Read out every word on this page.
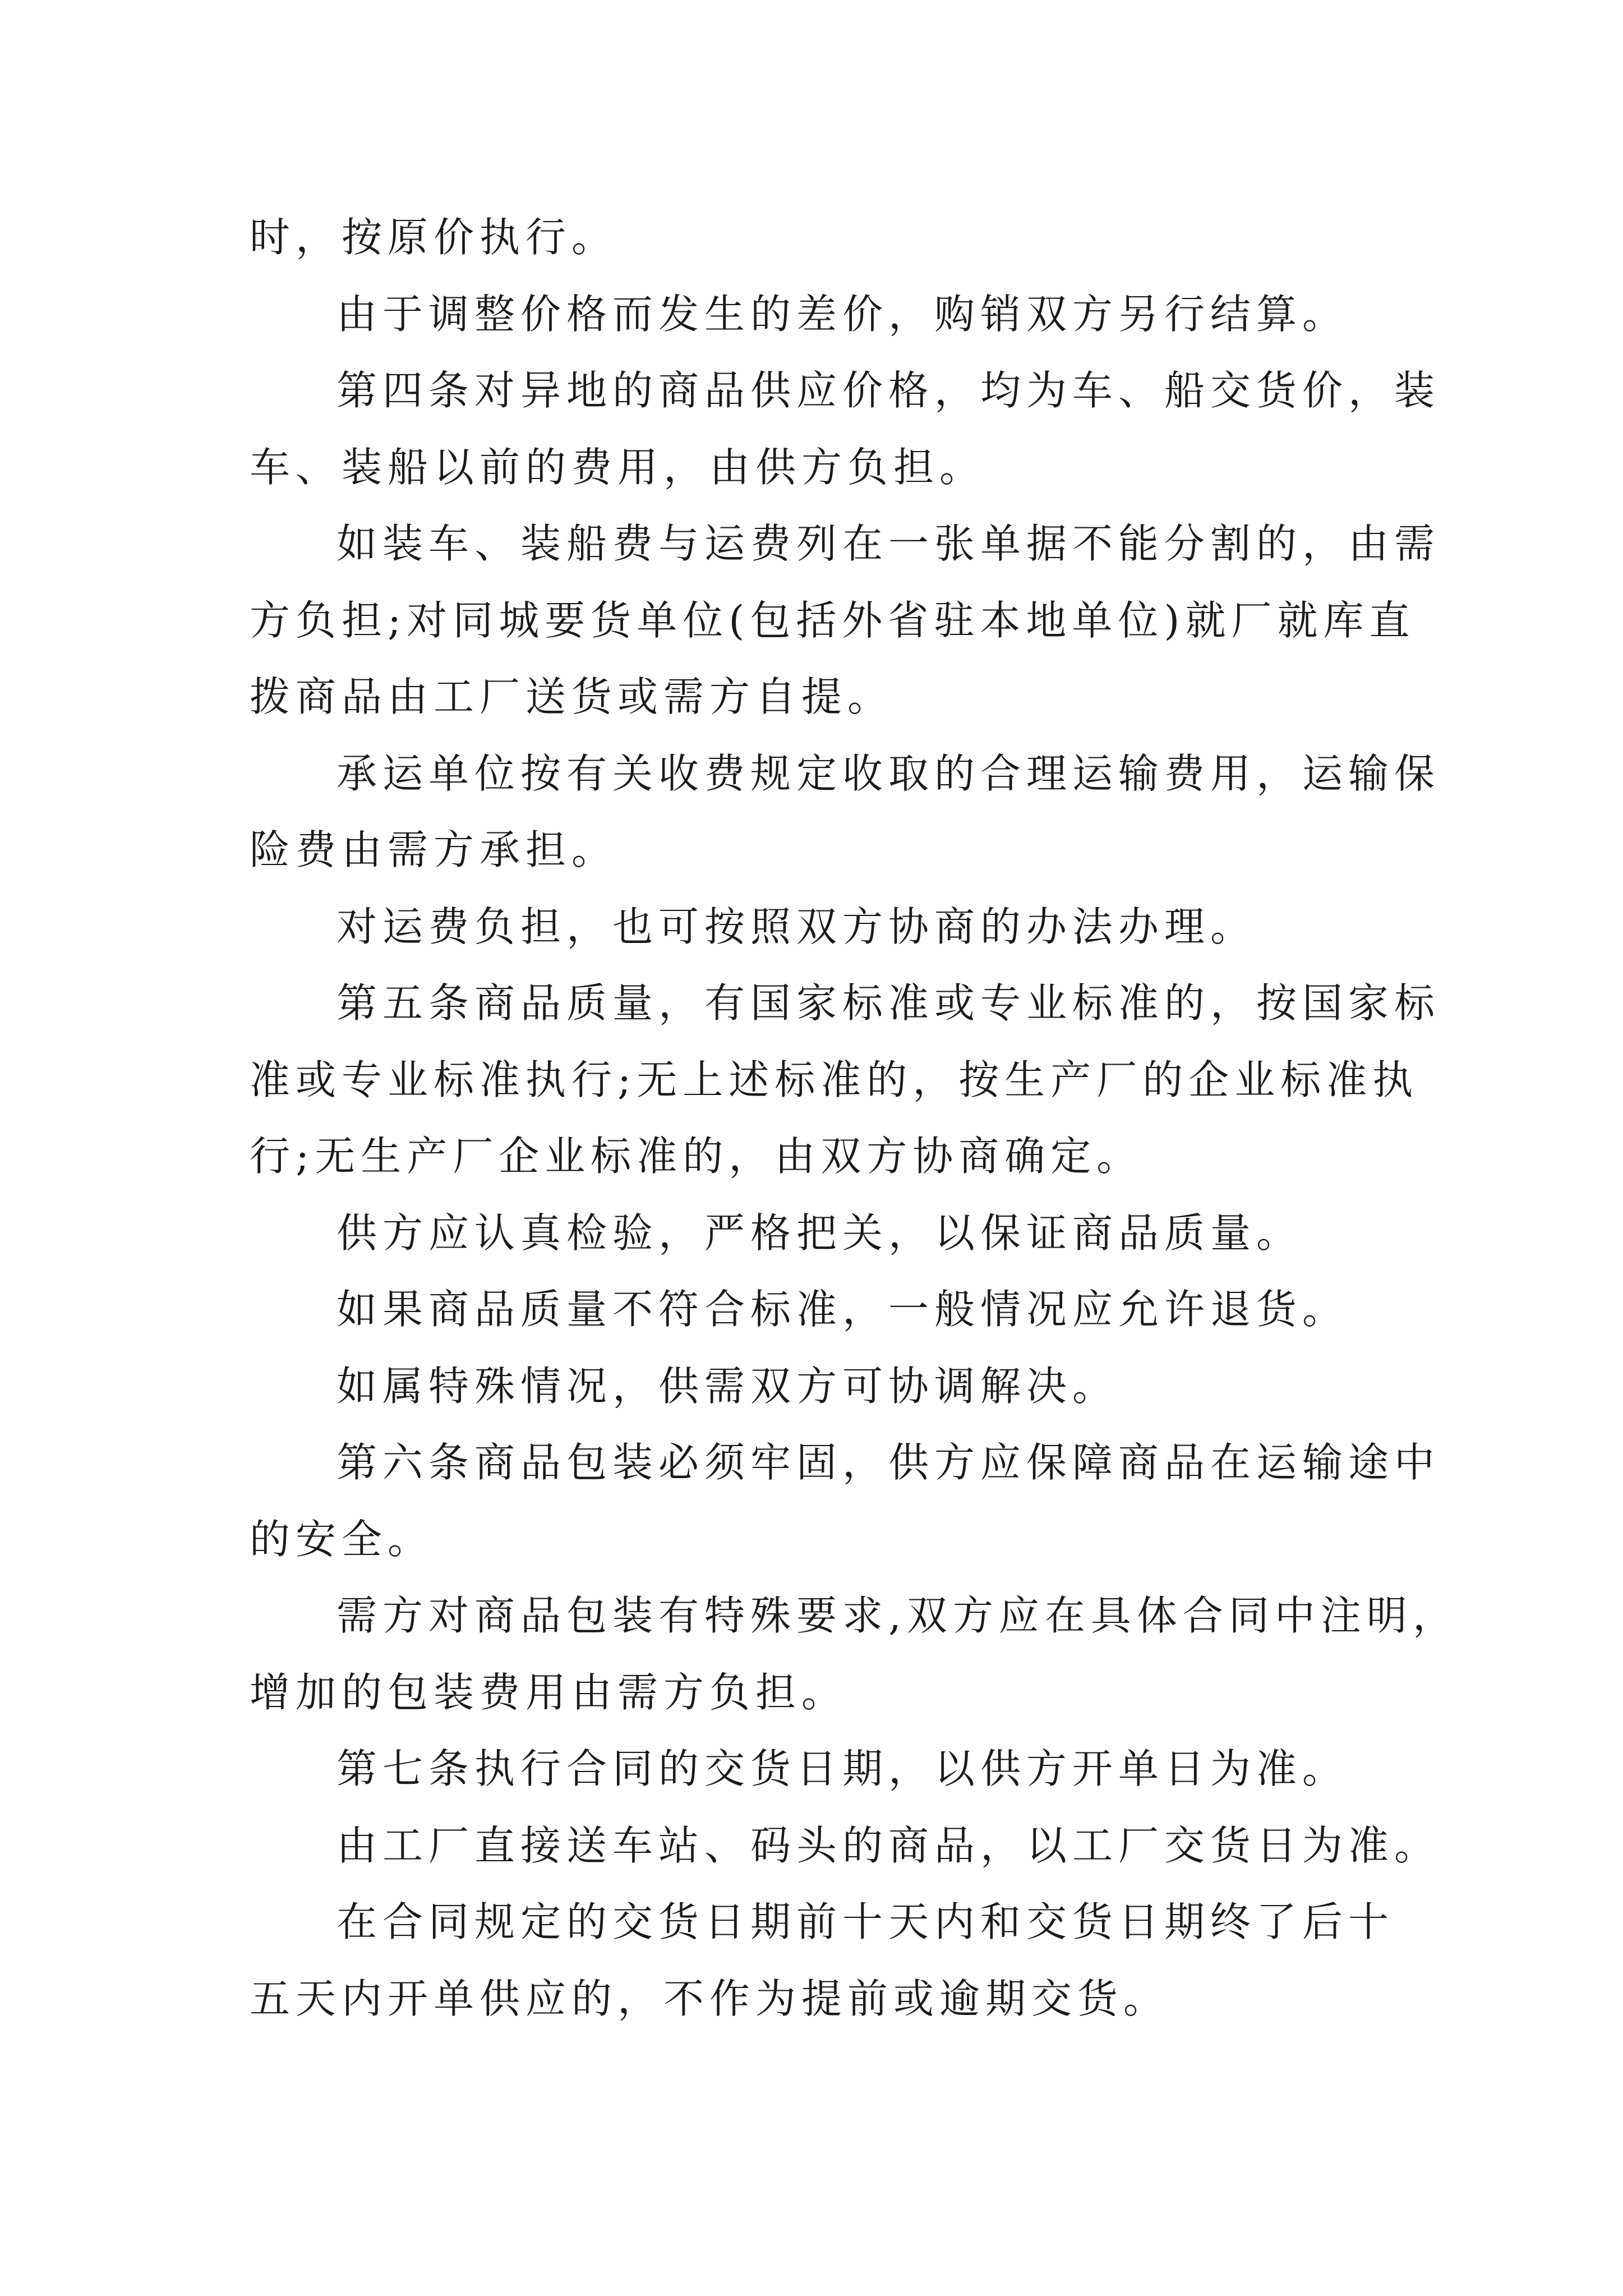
时，按原价执行。
由于调整价格而发生的差价，购销双方另行结算。
第四条对异地的商品供应价格，均为车、船交货价，装
车、装船以前的费用，由供方负担。
如装车、装船费与运费列在一张单据不能分割的，由需
方负担;对同城要货单位(包括外省驻本地单位)就厂就库直
拨商品由工厂送货或需方自提。
承运单位按有关收费规定收取的合理运输费用，运输保
险费由需方承担。
对运费负担，也可按照双方协商的办法办理。
第五条商品质量，有国家标准或专业标准的，按国家标
准或专业标准执行;无上述标准的，按生产厂的企业标准执
行;无生产厂企业标准的，由双方协商确定。
供方应认真检验，严格把关，以保证商品质量。
如果商品质量不符合标准，一般情况应允许退货。
如属特殊情况，供需双方可协调解决。
第六条商品包装必须牢固，供方应保障商品在运输途中
的安全。
需方对商品包装有特殊要求,双方应在具体合同中注明，
增加的包装费用由需方负担。
第七条执行合同的交货日期，以供方开单日为准。
由工厂直接送车站、码头的商品，以工厂交货日为准。
在合同规定的交货日期前十天内和交货日期终了后十
五天内开单供应的，不作为提前或逾期交货。
